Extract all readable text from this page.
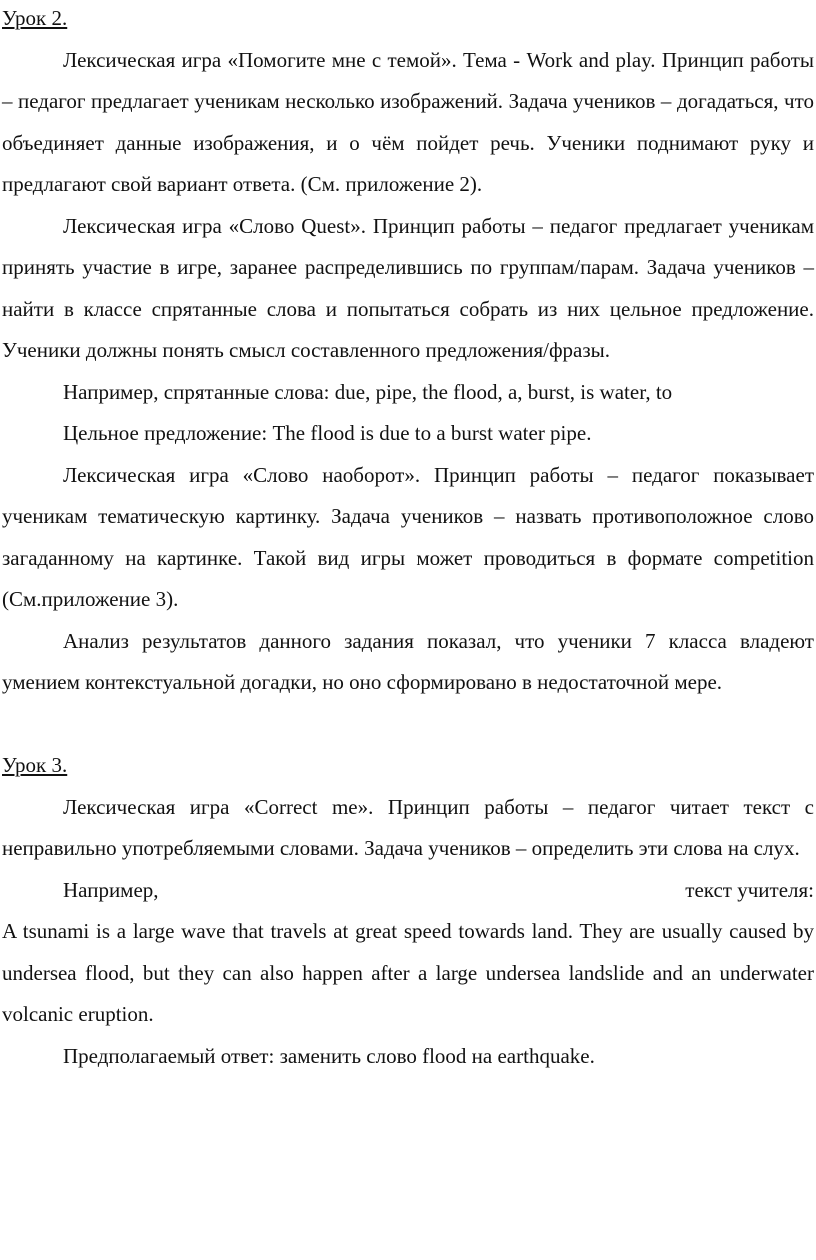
Урок 2.

Лексическая игра «Помогите мне с темой». Тема - Work and play. Принцип работы – педагог предлагает ученикам несколько изображений. Задача учеников – догадаться, что объединяет данные изображения, и о чём пойдет речь. Ученики поднимают руку и предлагают свой вариант ответа. (См. приложение 2).

Лексическая игра «Слово Quest». Принцип работы – педагог предлагает ученикам принять участие в игре, заранее распределившись по группам/парам. Задача учеников – найти в классе спрятанные слова и попытаться собрать из них цельное предложение. Ученики должны понять смысл составленного предложения/фразы.

Например, спрятанные слова: due, pipe, the flood, a, burst, is water, to

Цельное предложение: The flood is due to a burst water pipe.

Лексическая игра «Слово наоборот». Принцип работы – педагог показывает ученикам тематическую картинку. Задача учеников – назвать противоположное слово загаданному на картинке. Такой вид игры может проводиться в формате competition (См.приложение 3).

Анализ результатов данного задания показал, что ученики 7 класса владеют умением контекстуальной догадки, но оно сформировано в недостаточной мере.

Урок 3.

Лексическая игра «Correct me». Принцип работы – педагог читает текст с неправильно употребляемыми словами. Задача учеников – определить эти слова на слух.

Например,	текст учителя:

A tsunami is a large wave that travels at great speed towards land. They are usually caused by undersea flood, but they can also happen after a large undersea landslide and an underwater volcanic eruption.

Предполагаемый ответ: заменить слово flood на earthquake.
